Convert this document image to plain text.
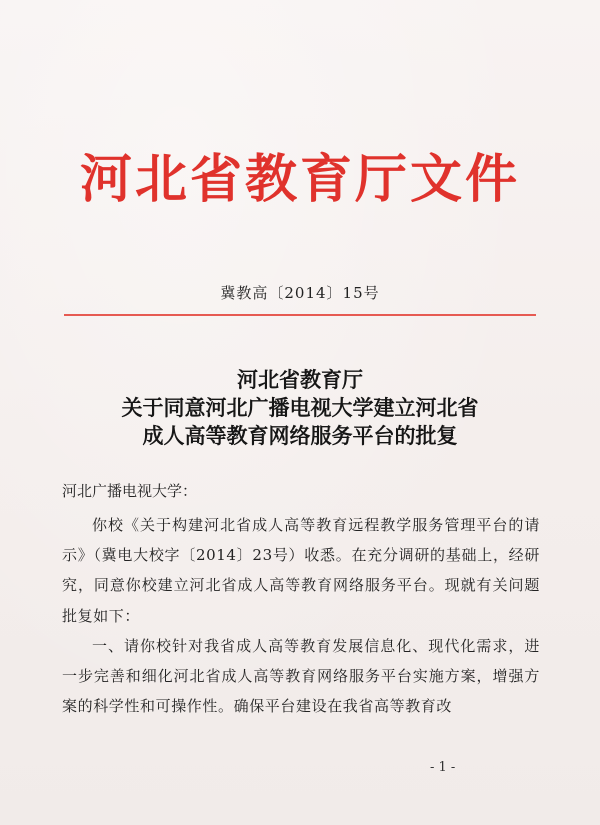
河北省教育厅文件
冀教高〔2014〕15号
河北省教育厅
关于同意河北广播电视大学建立河北省
成人高等教育网络服务平台的批复
河北广播电视大学：

你校《关于构建河北省成人高等教育远程教学服务管理平台的请示》（冀电大校字〔2014〕23号）收悉。在充分调研的基础上，经研究，同意你校建立河北省成人高等教育网络服务平台。现就有关问题批复如下：

一、请你校针对我省成人高等教育发展信息化、现代化需求，进一步完善和细化河北省成人高等教育网络服务平台实施方案，增强方案的科学性和可操作性。确保平台建设在我省高等教育改

- 1 -
